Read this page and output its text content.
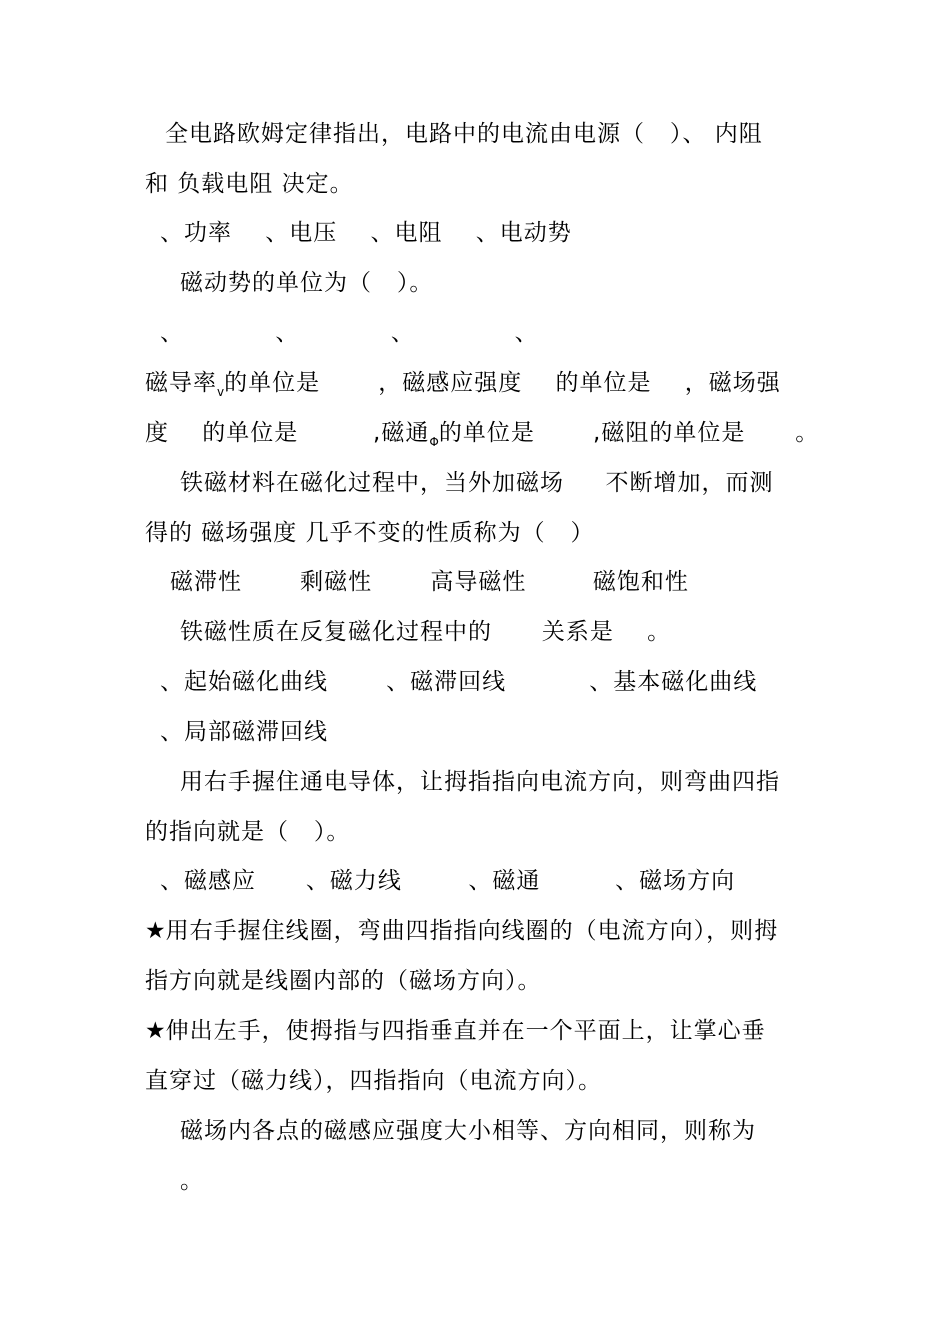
全电路欧姆定律指出，电路中的电流由电源（   ）、 内阻
和 负载电阻 决定。
、功率    、电压    、电阻    、电动势
磁动势的单位为（   ）。
、           、           、            、
磁导率$_v$的单位是       ，磁感应强度    的单位是    ，磁场强
度    的单位是         ,磁通$_\Phi$的单位是       ,磁阻的单位是      。
铁磁材料在磁化过程中，当外加磁场     不断增加，而测
得的 磁场强度 几乎不变的性质称为（   ）
磁滞性       剩磁性       高导磁性        磁饱和性
铁磁性质在反复磁化过程中的      关系是    。
、起始磁化曲线       、磁滞回线          、基本磁化曲线
、局部磁滞回线
用右手握住通电导体，让拇指指向电流方向，则弯曲四指
的指向就是（   ）。
、磁感应      、磁力线        、磁通         、磁场方向
★用右手握住线圈，弯曲四指指向线圈的（电流方向），则拇
指方向就是线圈内部的（磁场方向）。
★伸出左手，使拇指与四指垂直并在一个平面上，让掌心垂
直穿过（磁力线），四指指向（电流方向）。
磁场内各点的磁感应强度大小相等、方向相同，则称为
。
